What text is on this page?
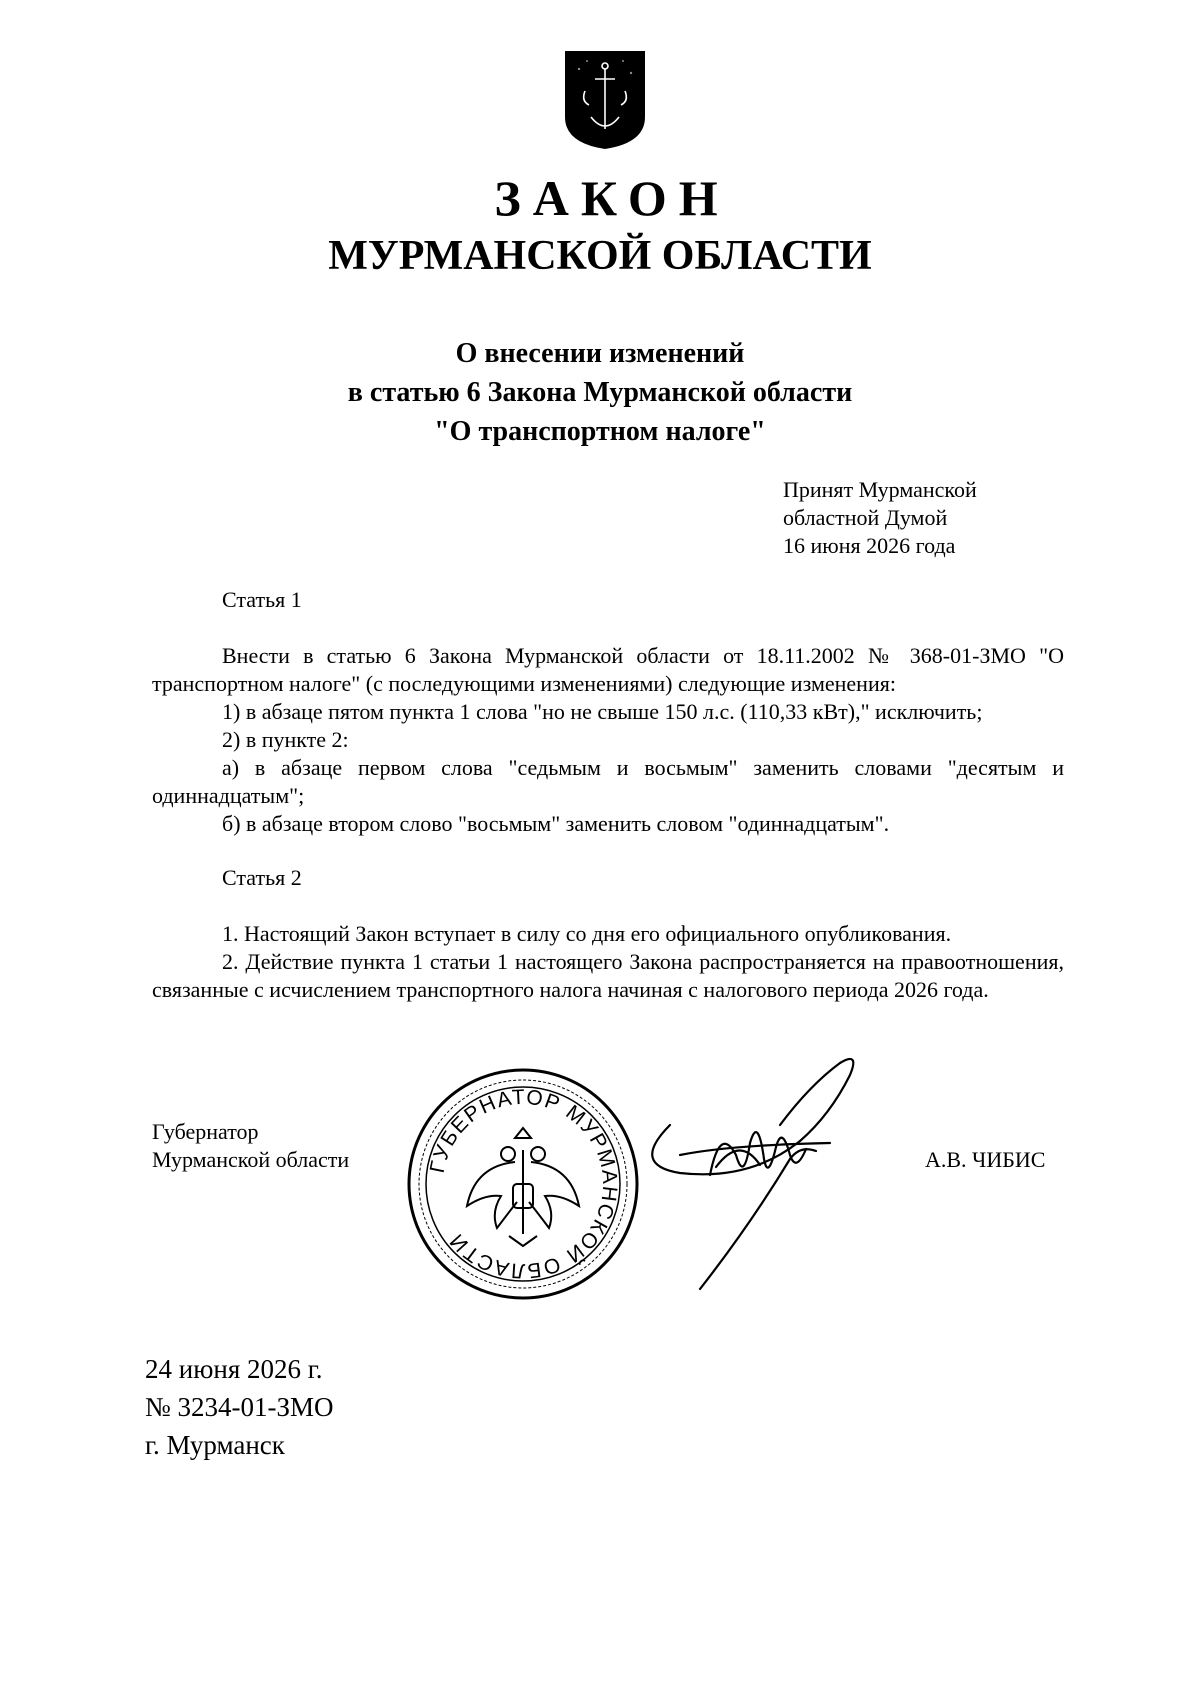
ЗАКОН
МУРМАНСКОЙ ОБЛАСТИ
О внесении изменений
в статью 6 Закона Мурманской области
"О транспортном налоге"
Принят Мурманской
областной Думой
16 июня 2026 года
Статья 1

Внести в статью 6 Закона Мурманской области от 18.11.2002 № 368-01-ЗМО "О транспортном налоге" (с последующими изменениями) следующие изменения:

1) в абзаце пятом пункта 1 слова "но не свыше 150 л.с. (110,33 кВт)," исключить;

2) в пункте 2:

а) в абзаце первом слова "седьмым и восьмым" заменить словами "десятым и одиннадцатым";

б) в абзаце втором слово "восьмым" заменить словом "одиннадцатым".

Статья 2

1. Настоящий Закон вступает в силу со дня его официального опубликования.

2. Действие пункта 1 статьи 1 настоящего Закона распространяется на правоотношения, связанные с исчислением транспортного налога начиная с налогового периода 2026 года.

Губернатор
Мурманской области	ГУБЕРНАТОР МУРМАНСКОЙ ОБЛАСТИ
А.В. ЧИБИС
24 июня 2026 г.
№ 3234-01-ЗМО
г. Мурманск
